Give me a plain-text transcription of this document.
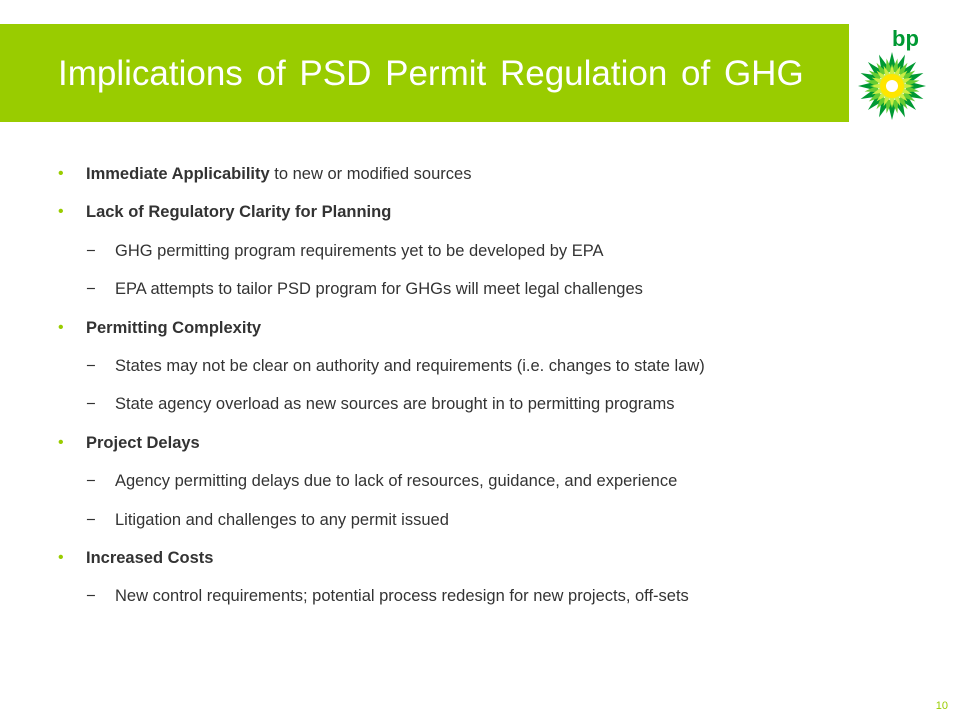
Implications of PSD Permit Regulation of GHG
bp
• Immediate Applicability to new or modified sources
• Lack of Regulatory Clarity for Planning
− GHG permitting program requirements yet to be developed by EPA
− EPA attempts to tailor PSD program for GHGs will meet legal challenges
• Permitting Complexity
− States may not be clear on authority and requirements (i.e. changes to state law)
− State agency overload as new sources are brought in to permitting programs
• Project Delays
− Agency permitting delays due to lack of resources, guidance, and experience
− Litigation and challenges to any permit issued
• Increased Costs
− New control requirements; potential process redesign for new projects, off-sets
10
